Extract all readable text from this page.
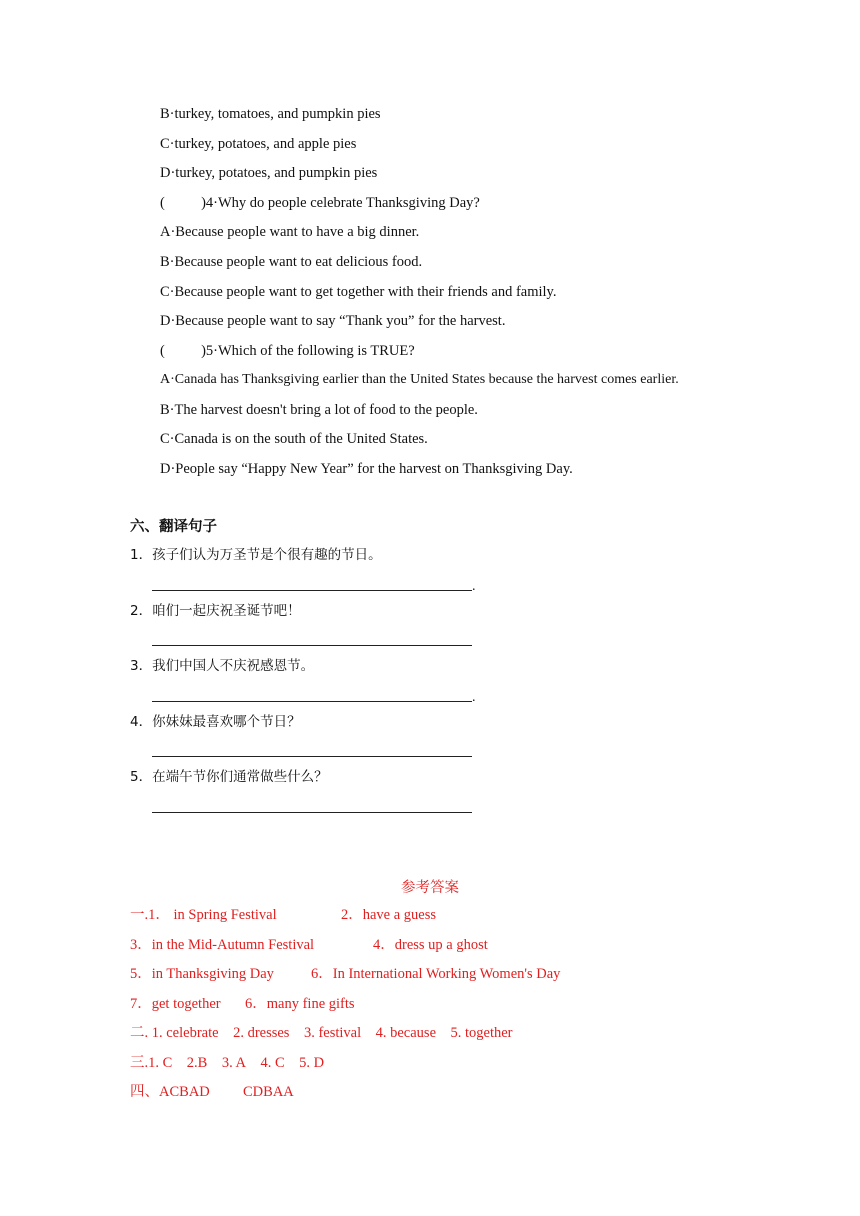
B·turkey, tomatoes, and pumpkin pies
C·turkey, potatoes, and apple pies
D·turkey, potatoes, and pumpkin pies
(          )4·Why do people celebrate Thanksgiving Day?
A·Because people want to have a big dinner.
B·Because people want to eat delicious food.
C·Because people want to get together with their friends and family.
D·Because people want to say “Thank you” for the harvest.
(          )5·Which of the following is TRUE?
A·Canada has Thanksgiving earlier than the United States because the harvest comes earlier.
B·The harvest doesn't bring a lot of food to the people.
C·Canada is on the south of the United States.
D·People say “Happy New Year” for the harvest on Thanksgiving Day.
六、翻译句子
1．孩子们认为万圣节是个很有趣的节日。
.
2．咱们一起庆祝圣诞节吧！
3．我们中国人不庆祝感恩节。
.
4．你妹妹最喜欢哪个节日？
5．在端午节你们通常做些什么？
参考答案
一.1． in Spring Festival	2．have a guess
3．in the Mid-Autumn Festival	4．dress up a ghost
5．in Thanksgiving Day	6．In International Working Women's Day
7．get together 6．many fine gifts
二. 1. celebrate    2. dresses    3. festival    4. because    5. together
三.1. C    2.B    3. A    4. C    5. D
四、ACBAD CDBAA
